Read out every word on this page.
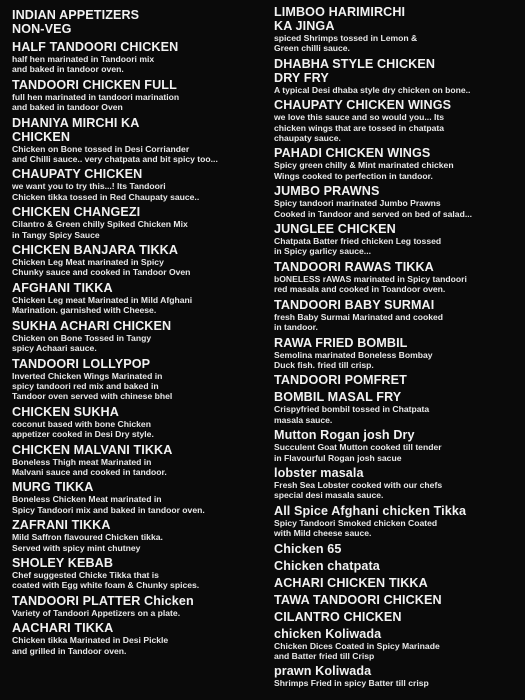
INDIAN APPETIZERS
NON-VEG
HALF TANDOORI CHICKEN
half hen marinated in Tandoori mix
and baked in tandoor oven.
TANDOORI CHICKEN FULL
full hen marinated in tandoori marination
and baked in tandoor Oven
DHANIYA MIRCHI KA
CHICKEN
Chicken on Bone tossed in Desi Corriander
and Chilli sauce.. very chatpata and bit spicy too...
CHAUPATY CHICKEN
we want you to try this...! Its Tandoori
Chicken tikka tossed in Red Chaupaty sauce..
CHICKEN CHANGEZI
Cilantro & Green chilly Spiked Chicken Mix
in Tangy Spicy Sauce
CHICKEN BANJARA TIKKA
Chicken Leg Meat marinated in Spicy
Chunky sauce and cooked in Tandoor Oven
AFGHANI TIKKA
Chicken Leg meat Marinated in Mild Afghani
Marination. garnished with Cheese.
SUKHA ACHARI CHICKEN
Chicken on Bone Tossed in Tangy
spicy Achaari sauce.
TANDOORI LOLLYPOP
Inverted Chicken Wings Marinated in
spicy tandoori red mix and baked in
Tandoor oven served with chinese bhel
CHICKEN SUKHA
coconut based with bone Chicken
appetizer cooked in Desi Dry style.
CHICKEN MALVANI TIKKA
Boneless Thigh meat Marinated in
Malvani sauce and cooked in tandoor.
MURG TIKKA
Boneless Chicken Meat marinated in
Spicy Tandoori mix and baked in tandoor oven.
ZAFRANI TIKKA
Mild Saffron flavoured Chicken tikka.
Served with spicy mint chutney
SHOLEY KEBAB
Chef suggested Chicke Tikka that is
coated with Egg white foam & Chunky spices.
TANDOORI PLATTER Chicken
Variety of Tandoori Appetizers on a plate.
AACHARI TIKKA
Chicken tikka Marinated in Desi Pickle
and grilled in Tandoor oven.
LIMBOO HARIMIRCHI
KA JINGA
spiced Shrimps tossed in Lemon &
Green chilli sauce.
DHABHA STYLE CHICKEN
DRY FRY
A typical Desi dhaba style dry chicken on bone..
CHAUPATY CHICKEN WINGS
we love this sauce and so would you... Its
chicken wings that are tossed in chatpata
chaupaty sauce.
PAHADI CHICKEN WINGS
Spicy green chilly & Mint marinated chicken
Wings cooked to perfection in tandoor.
JUMBO PRAWNS
Spicy tandoori marinated Jumbo Prawns
Cooked in Tandoor and served on bed of salad...
JUNGLEE CHICKEN
Chatpata Batter fried chicken Leg tossed
in Spicy garlicy sauce...
TANDOORI RAWAS TIKKA
bONELESS rAWAS marinated in Spicy tandoori
red masala and cooked in Toandoor oven.
TANDOORI BABY SURMAI
fresh Baby Surmai Marinated and cooked
in tandoor.
RAWA FRIED BOMBIL
Semolina marinated Boneless Bombay
Duck fish. fried till crisp.
TANDOORI POMFRET
BOMBIL MASAL FRY
Crispyfried bombil tossed in Chatpata
masala sauce.
Mutton Rogan josh Dry
Succulent Goat Mutton cooked till tender
in Flavourful Rogan josh sacue
lobster masala
Fresh Sea Lobster cooked with our chefs
special desi masala sauce.
All Spice Afghani chicken Tikka
Spicy Tandoori Smoked chicken Coated
with Mild cheese sauce.
Chicken 65
Chicken chatpata
ACHARI CHICKEN TIKKA
TAWA TANDOORI CHICKEN
CILANTRO CHICKEN
chicken Koliwada
Chicken Dices Coated in Spicy Marinade
and Batter fried till Crisp
prawn Koliwada
Shrimps Fried in spicy Batter till crisp
